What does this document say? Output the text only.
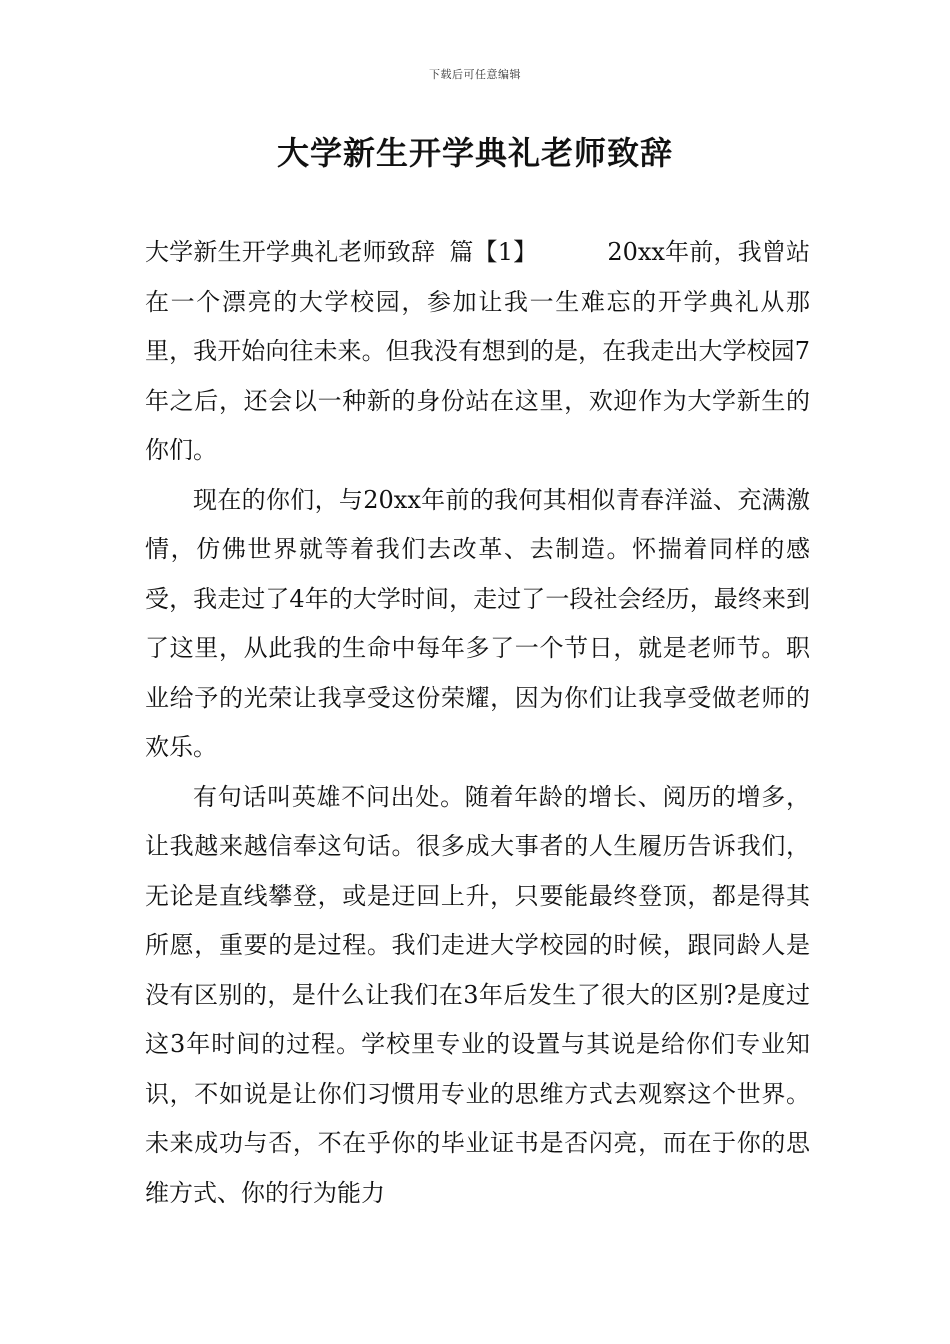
下载后可任意编辑
大学新生开学典礼老师致辞

大学新生开学典礼老师致辞 篇【1】	20xx年前，我曾站在一个漂亮的大学校园，参加让我一生难忘的开学典礼从那里，我开始向往未来。但我没有想到的是，在我走出大学校园7年之后，还会以一种新的身份站在这里，欢迎作为大学新生的你们。

现在的你们，与20xx年前的我何其相似青春洋溢、充满激情，仿佛世界就等着我们去改革、去制造。怀揣着同样的感受，我走过了4年的大学时间，走过了一段社会经历，最终来到了这里，从此我的生命中每年多了一个节日，就是老师节。职业给予的光荣让我享受这份荣耀，因为你们让我享受做老师的欢乐。

有句话叫英雄不问出处。随着年龄的增长、阅历的增多，让我越来越信奉这句话。很多成大事者的人生履历告诉我们，无论是直线攀登，或是迂回上升，只要能最终登顶，都是得其所愿，重要的是过程。我们走进大学校园的时候，跟同龄人是没有区别的，是什么让我们在3年后发生了很大的区别?是度过这3年时间的过程。学校里专业的设置与其说是给你们专业知识，不如说是让你们习惯用专业的思维方式去观察这个世界。未来成功与否，不在乎你的毕业证书是否闪亮，而在于你的思维方式、你的行为能力
